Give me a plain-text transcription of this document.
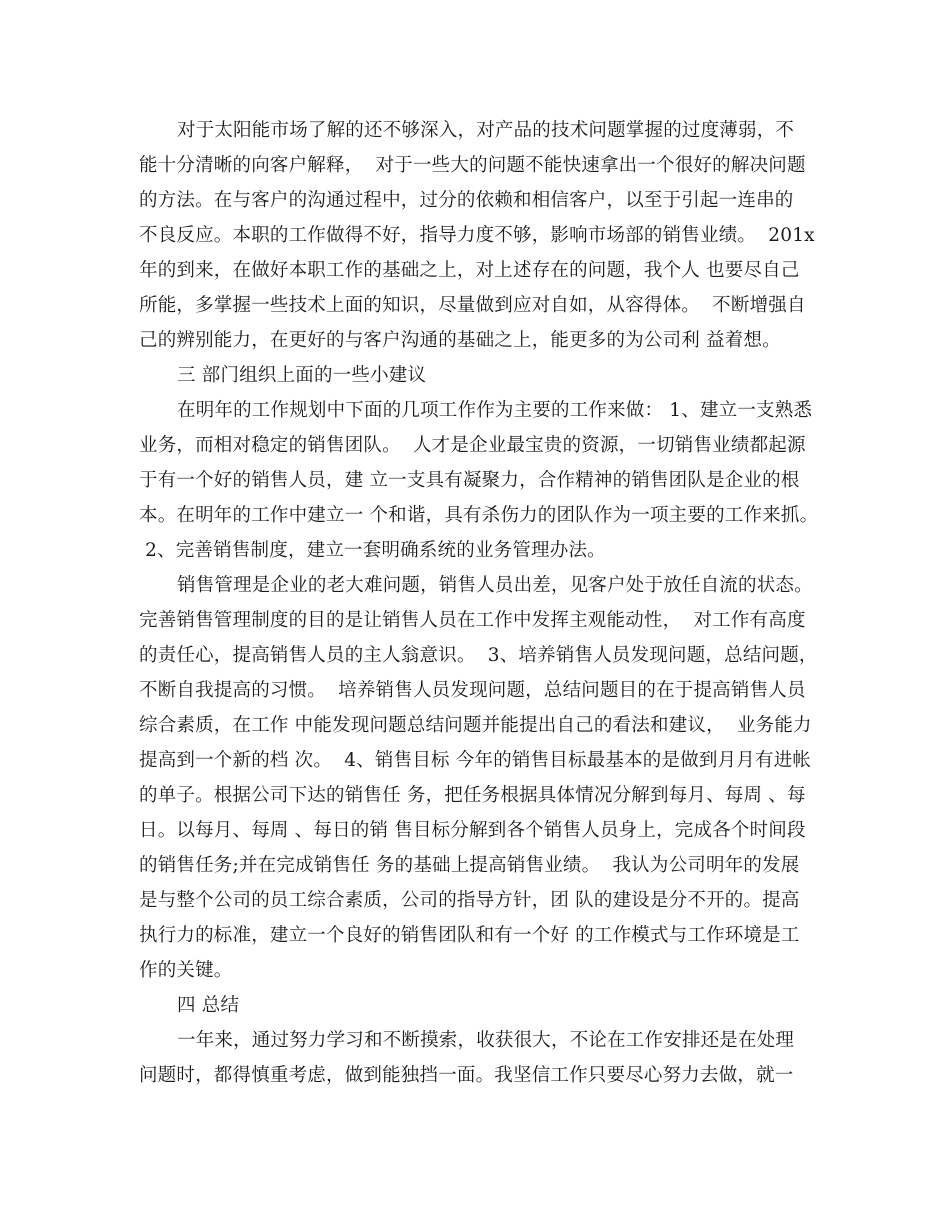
对于太阳能市场了解的还不够深入，对产品的技术问题掌握的过度薄弱，不
能十分清晰的向客户解释，  对于一些大的问题不能快速拿出一个很好的解决问题
的方法。在与客户的沟通过程中，过分的依赖和相信客户，以至于引起一连串的
不良反应。本职的工作做得不好，指导力度不够，影响市场部的销售业绩。  201x
年的到来，在做好本职工作的基础之上，对上述存在的问题，我个人 也要尽自己
所能，多掌握一些技术上面的知识，尽量做到应对自如，从容得体。  不断增强自
己的辨别能力，在更好的与客户沟通的基础之上，能更多的为公司利 益着想。
三 部门组织上面的一些小建议
在明年的工作规划中下面的几项工作作为主要的工作来做： 1、建立一支熟悉
业务，而相对稳定的销售团队。  人才是企业最宝贵的资源，一切销售业绩都起源
于有一个好的销售人员，建 立一支具有凝聚力，合作精神的销售团队是企业的根
本。在明年的工作中建立一 个和谐，具有杀伤力的团队作为一项主要的工作来抓。
2、完善销售制度，建立一套明确系统的业务管理办法。
销售管理是企业的老大难问题，销售人员出差，见客户处于放任自流的状态。
完善销售管理制度的目的是让销售人员在工作中发挥主观能动性，  对工作有高度
的责任心，提高销售人员的主人翁意识。  3、培养销售人员发现问题，总结问题，
不断自我提高的习惯。  培养销售人员发现问题，总结问题目的在于提高销售人员
综合素质，在工作 中能发现问题总结问题并能提出自己的看法和建议，  业务能力
提高到一个新的档 次。  4、销售目标 今年的销售目标最基本的是做到月月有进帐
的单子。根据公司下达的销售任 务，把任务根据具体情况分解到每月、每周 、每
日。以每月、每周 、每日的销 售目标分解到各个销售人员身上，完成各个时间段
的销售任务;并在完成销售任 务的基础上提高销售业绩。  我认为公司明年的发展
是与整个公司的员工综合素质，公司的指导方针，团 队的建设是分不开的。提高
执行力的标准，建立一个良好的销售团队和有一个好 的工作模式与工作环境是工
作的关键。
四 总结
一年来，通过努力学习和不断摸索，收获很大，不论在工作安排还是在处理
问题时，都得慎重考虑，做到能独挡一面。我坚信工作只要尽心努力去做，就一
